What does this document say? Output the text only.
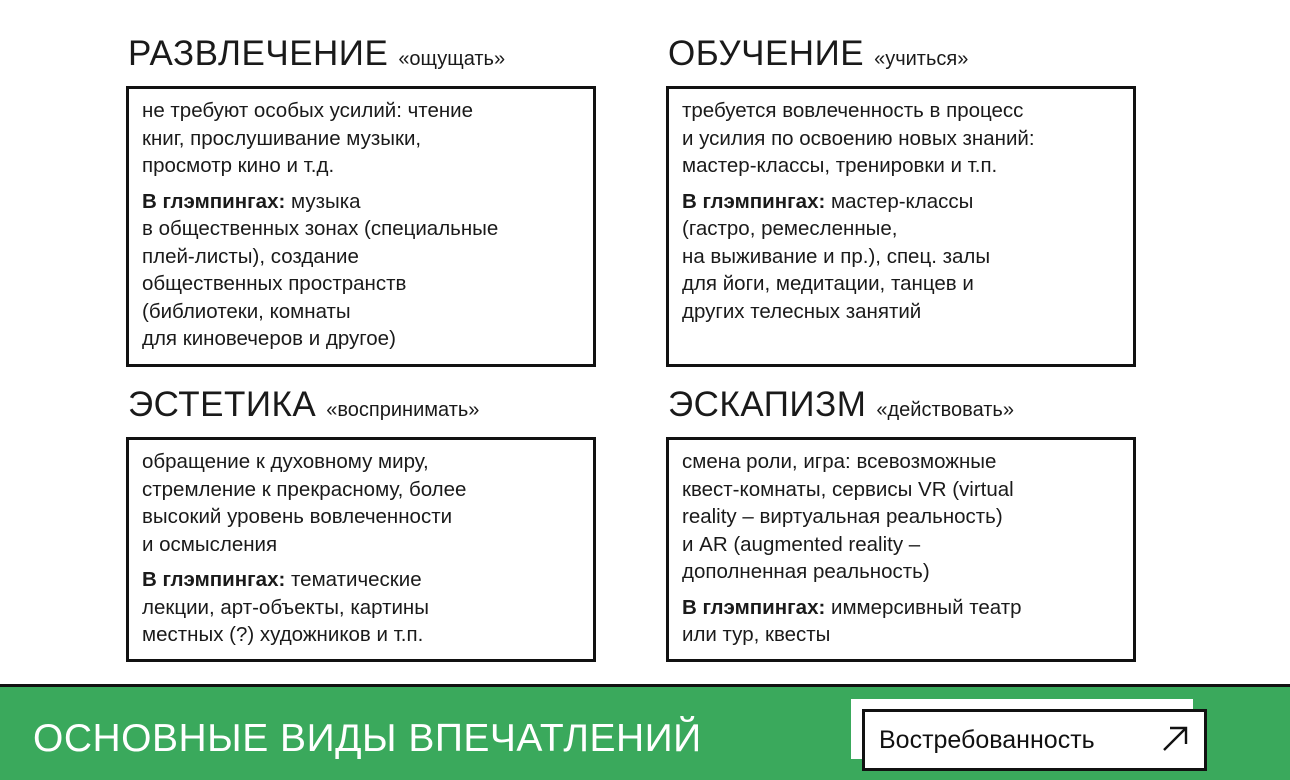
РАЗВЛЕЧЕНИЕ «ощущать»

не требуют особых усилий: чтение
книг, прослушивание музыки,
просмотр кино и т.д.

В глэмпингах: музыка
в общественных зонах (специальные
плей-листы), создание
общественных пространств
(библиотеки, комнаты
для киновечеров и другое)

ОБУЧЕНИЕ «учиться»

требуется вовлеченность в процесс
и усилия по освоению новых знаний:
мастер-классы, тренировки и т.п.

В глэмпингах: мастер-классы
(гастро, ремесленные,
на выживание и пр.), спец. залы
для йоги, медитации, танцев и
других телесных занятий

ЭСТЕТИКА «воспринимать»

обращение к духовному миру,
стремление к прекрасному, более
высокий уровень вовлеченности
и осмысления

В глэмпингах: тематические
лекции, арт-объекты, картины
местных (?) художников и т.п.

ЭСКАПИЗМ «действовать»

смена роли, игра: всевозможные
квест-комнаты, сервисы VR (virtual
reality – виртуальная реальность)
и AR (augmented reality –
дополненная реальность)

В глэмпингах: иммерсивный театр
или тур, квесты

ОСНОВНЫЕ ВИДЫ ВПЕЧАТЛЕНИЙ	Востребованность
